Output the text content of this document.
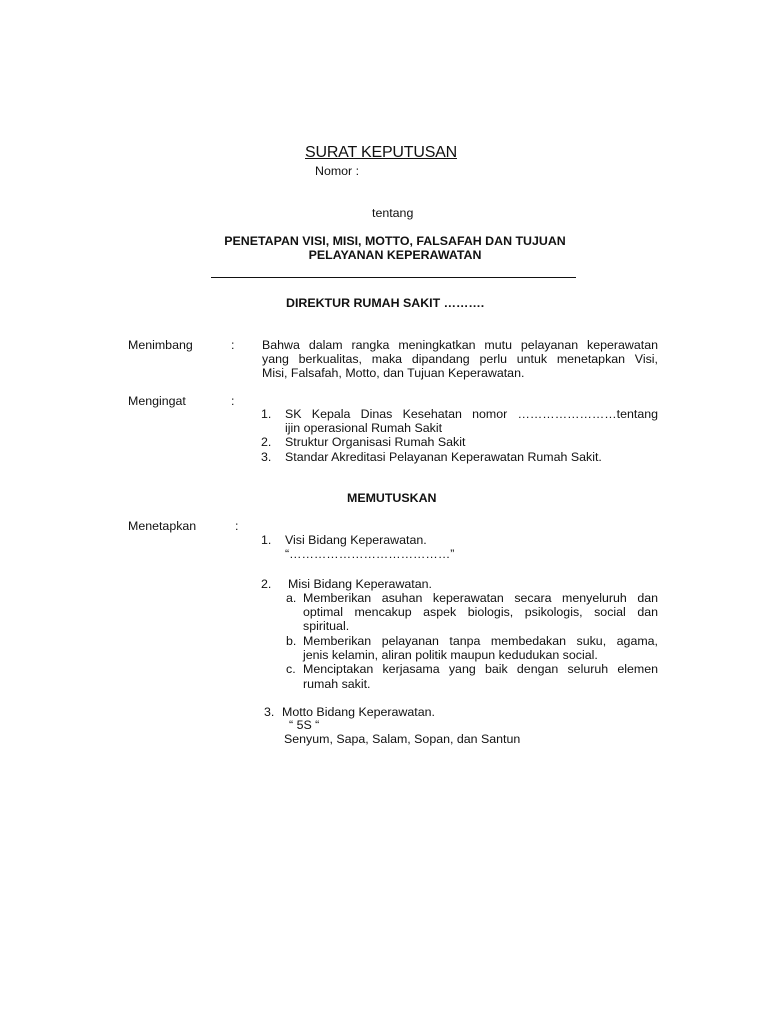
SURAT KEPUTUSAN
Nomor :
tentang
PENETAPAN VISI, MISI, MOTTO, FALSAFAH DAN TUJUAN
PELAYANAN KEPERAWATAN
DIREKTUR RUMAH SAKIT ……….
Menimbang	: Bahwa dalam rangka meningkatkan mutu pelayanan keperawatan
yang berkualitas, maka dipandang perlu untuk menetapkan Visi,
Misi, Falsafah, Motto, dan Tujuan Keperawatan.
Mengingat	:
1. SK Kepala Dinas Kesehatan nomor ……………………tentang
ijin operasional Rumah Sakit
2. Struktur Organisasi Rumah Sakit
3. Standar Akreditasi Pelayanan Keperawatan Rumah Sakit.
MEMUTUSKAN
Menetapkan	:
1. Visi Bidang Keperawatan.
“…………………………………”
2. Misi Bidang Keperawatan.
a. Memberikan asuhan keperawatan secara menyeluruh dan
optimal mencakup aspek biologis, psikologis, social dan
spiritual.
b. Memberikan pelayanan tanpa membedakan suku, agama,
jenis kelamin, aliran politik maupun kedudukan social.
c. Menciptakan kerjasama yang baik dengan seluruh elemen
rumah sakit.
3. Motto Bidang Keperawatan.
“ 5S “
Senyum, Sapa, Salam, Sopan, dan Santun
